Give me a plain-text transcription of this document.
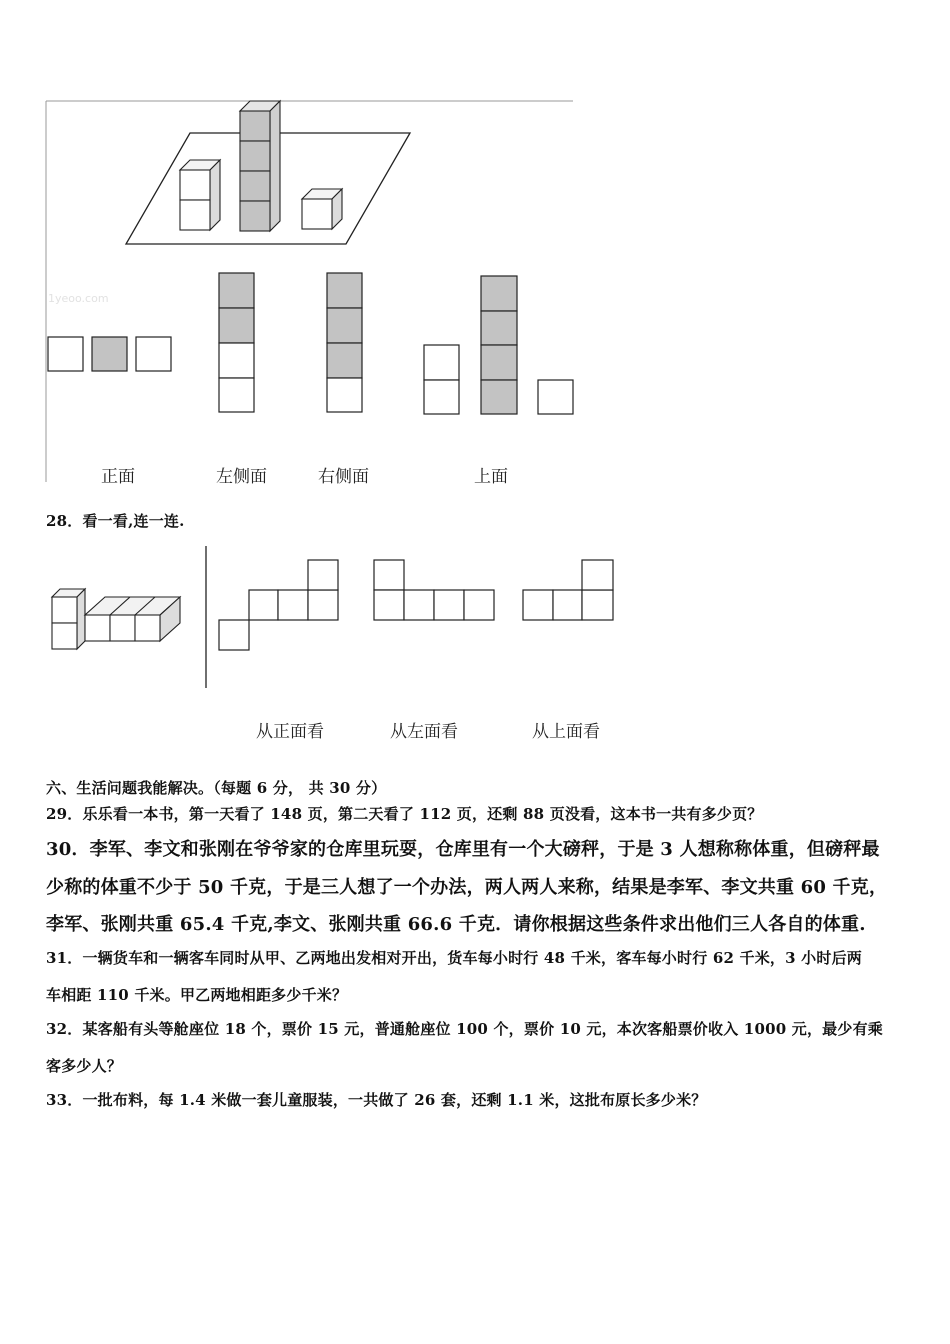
1yeoo.com
正面	左侧面	右侧面	上面
28．看一看,连一连.
从正面看	从左面看	从上面看
六、生活问题我能解决。（每题 6 分， 共 30 分）
29．乐乐看一本书，第一天看了 148 页，第二天看了 112 页，还剩 88 页没看，这本书一共有多少页？
30．李军、李文和张刚在爷爷家的仓库里玩耍，仓库里有一个大磅秤，于是 3 人想称称体重，但磅秤最
少称的体重不少于 50 千克，于是三人想了一个办法，两人两人来称，结果是李军、李文共重 60 千克，
李军、张刚共重 65.4 千克,李文、张刚共重 66.6 千克．请你根据这些条件求出他们三人各自的体重.
31．一辆货车和一辆客车同时从甲、乙两地出发相对开出，货车每小时行 48 千米，客车每小时行 62 千米，3 小时后两
车相距 110 千米。甲乙两地相距多少千米？
32．某客船有头等舱座位 18 个，票价 15 元，普通舱座位 100 个，票价 10 元，本次客船票价收入 1000 元，最少有乘
客多少人？
33．一批布料，每 1.4 米做一套儿童服装，一共做了 26 套，还剩 1.1 米，这批布原长多少米？
